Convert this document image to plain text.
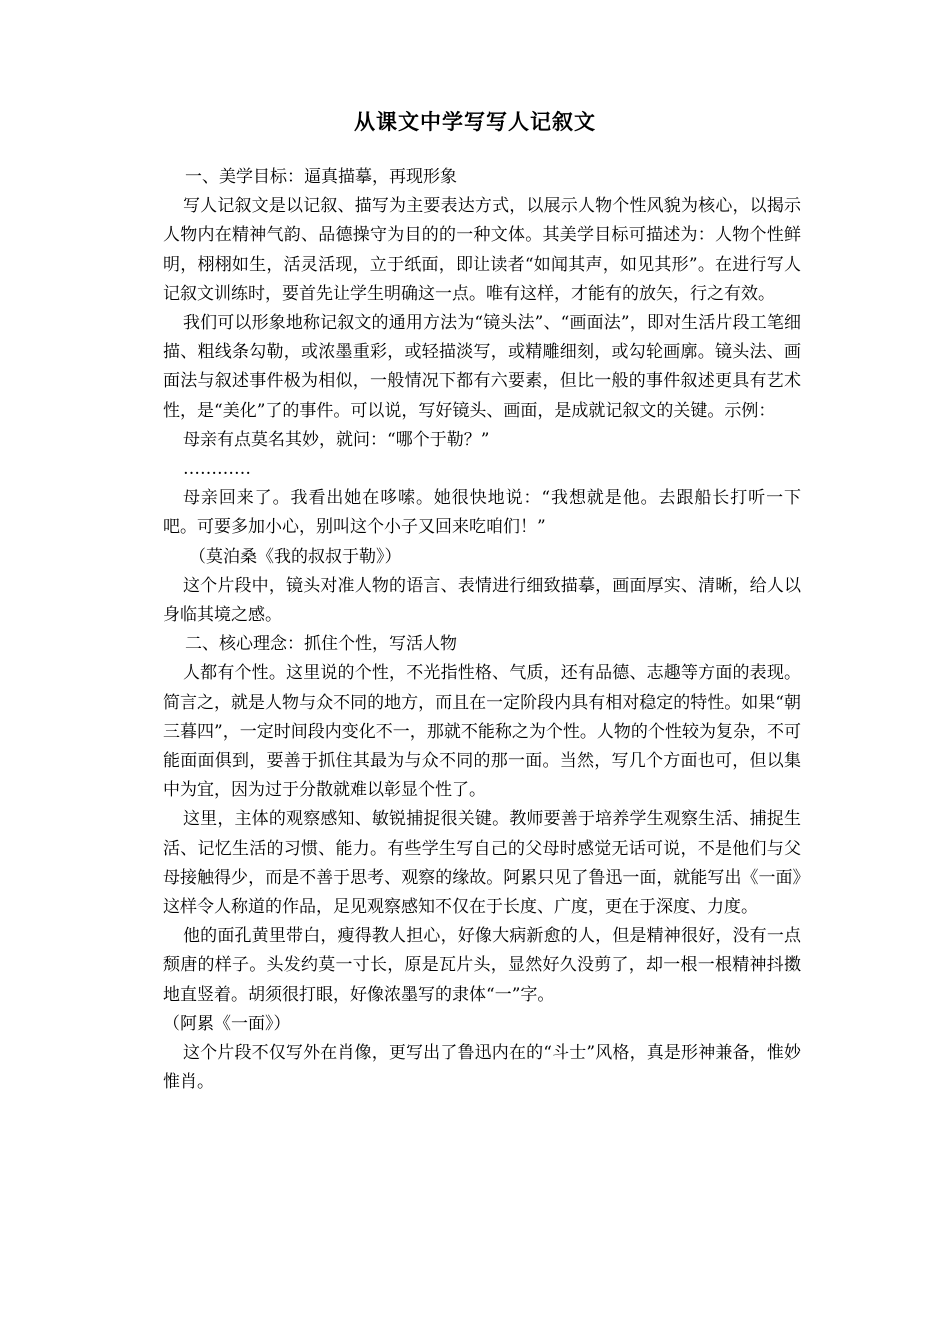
从课文中学写写人记叙文

一、美学目标：逼真描摹，再现形象

写人记叙文是以记叙、描写为主要表达方式，以展示人物个性风貌为核心，以揭示人物内在精神气韵、品德操守为目的的一种文体。其美学目标可描述为：人物个性鲜明，栩栩如生，活灵活现，立于纸面，即让读者“如闻其声，如见其形”。在进行写人记叙文训练时，要首先让学生明确这一点。唯有这样，才能有的放矢，行之有效。

我们可以形象地称记叙文的通用方法为“镜头法”、“画面法”，即对生活片段工笔细描、粗线条勾勒，或浓墨重彩，或轻描淡写，或精雕细刻，或勾轮画廓。镜头法、画面法与叙述事件极为相似，一般情况下都有六要素，但比一般的事件叙述更具有艺术性，是“美化”了的事件。可以说，写好镜头、画面，是成就记叙文的关键。示例：

母亲有点莫名其妙，就问：“哪个于勒？”

…………

母亲回来了。我看出她在哆嗦。她很快地说：“我想就是他。去跟船长打听一下吧。可要多加小心，别叫这个小子又回来吃咱们！”

（莫泊桑《我的叔叔于勒》）

这个片段中，镜头对准人物的语言、表情进行细致描摹，画面厚实、清晰，给人以身临其境之感。

二、核心理念：抓住个性，写活人物

人都有个性。这里说的个性，不光指性格、气质，还有品德、志趣等方面的表现。简言之，就是人物与众不同的地方，而且在一定阶段内具有相对稳定的特性。如果“朝三暮四”，一定时间段内变化不一，那就不能称之为个性。人物的个性较为复杂，不可能面面俱到，要善于抓住其最为与众不同的那一面。当然，写几个方面也可，但以集中为宜，因为过于分散就难以彰显个性了。

这里，主体的观察感知、敏锐捕捉很关键。教师要善于培养学生观察生活、捕捉生活、记忆生活的习惯、能力。有些学生写自己的父母时感觉无话可说，不是他们与父母接触得少，而是不善于思考、观察的缘故。阿累只见了鲁迅一面，就能写出《一面》这样令人称道的作品，足见观察感知不仅在于长度、广度，更在于深度、力度。

他的面孔黄里带白，瘦得教人担心，好像大病新愈的人，但是精神很好，没有一点颓唐的样子。头发约莫一寸长，原是瓦片头，显然好久没剪了，却一根一根精神抖擞地直竖着。胡须很打眼，好像浓墨写的隶体“一”字。

（阿累《一面》）

这个片段不仅写外在肖像，更写出了鲁迅内在的“斗士”风格，真是形神兼备，惟妙惟肖。
